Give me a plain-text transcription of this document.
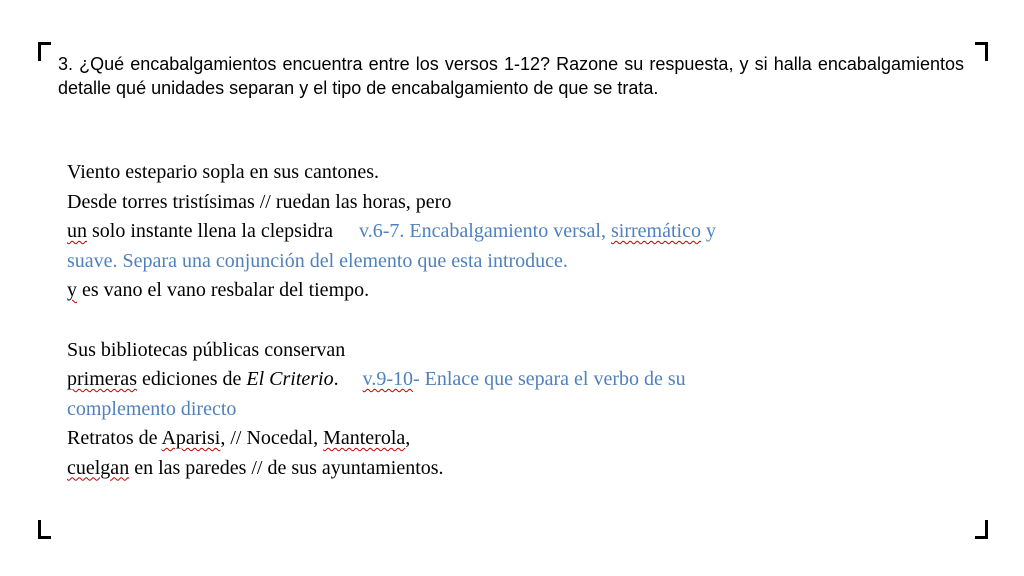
3. ¿Qué encabalgamientos encuentra entre los versos 1-12? Razone su respuesta, y si halla encabalgamientos detalle qué unidades separan y el tipo de encabalgamiento de que se trata.
Viento estepario sopla en sus cantones.
Desde torres tristísimas // ruedan las horas, pero
un solo instante llena la clepsidra v.6-7. Encabalgamiento versal, sirremático y
suave. Separa una conjunción del elemento que esta introduce.
y es vano el vano resbalar del tiempo.
Sus bibliotecas públicas conservan
primeras ediciones de El Criterio. v.9-10- Enlace que separa el verbo de su
complemento directo
Retratos de Aparisi, // Nocedal, Manterola,
cuelgan en las paredes // de sus ayuntamientos.
